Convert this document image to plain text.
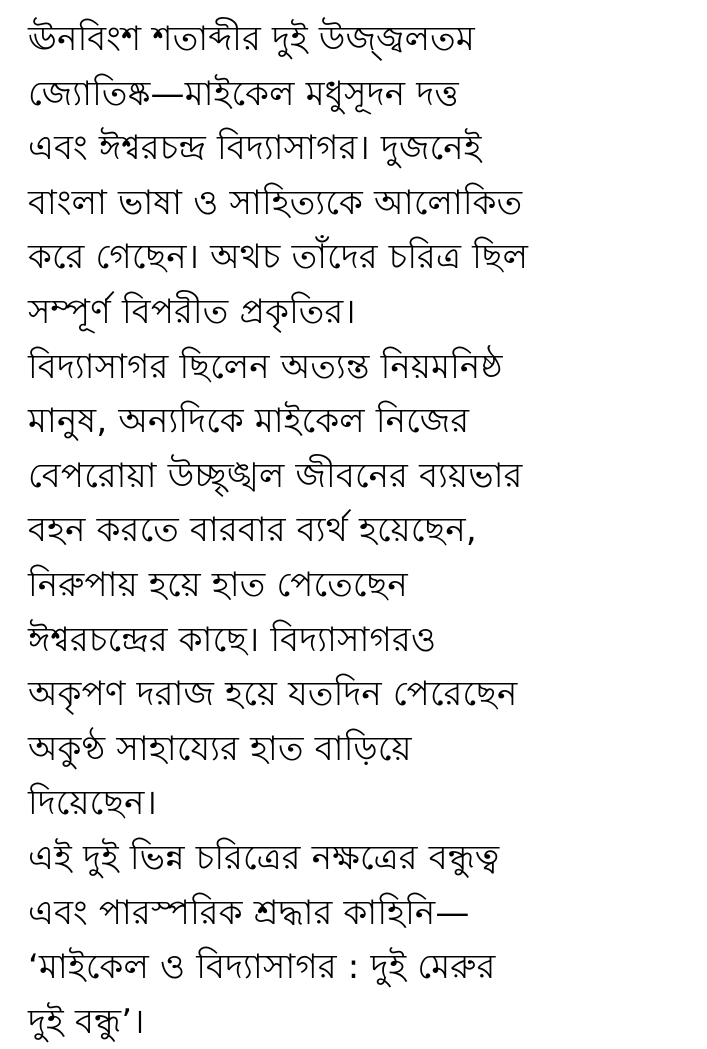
ঊনবিংশ শতাব্দীর দুই উজ্জ্বলতম
জ্যোতিষ্ক—মাইকেল মধুসূদন দত্ত
এবং ঈশ্বরচন্দ্র বিদ্যাসাগর। দুজনেই
বাংলা ভাষা ও সাহিত্যকে আলোকিত
করে গেছেন। অথচ তাঁদের চরিত্র ছিল
সম্পূর্ণ বিপরীত প্রকৃতির।
বিদ্যাসাগর ছিলেন অত্যন্ত নিয়মনিষ্ঠ
মানুষ, অন্যদিকে মাইকেল নিজের
বেপরোয়া উচ্ছৃঙ্খল জীবনের ব্যয়ভার
বহন করতে বারবার ব্যর্থ হয়েছেন,
নিরুপায় হয়ে হাত পেতেছেন
ঈশ্বরচন্দ্রের কাছে। বিদ্যাসাগরও
অকৃপণ দরাজ হয়ে যতদিন পেরেছেন
অকুণ্ঠ সাহায্যের হাত বাড়িয়ে
দিয়েছেন।
এই দুই ভিন্ন চরিত্রের নক্ষত্রের বন্ধুত্ব
এবং পারস্পরিক শ্রদ্ধার কাহিনি—
‘মাইকেল ও বিদ্যাসাগর : দুই মেরুর
দুই বন্ধু’।
